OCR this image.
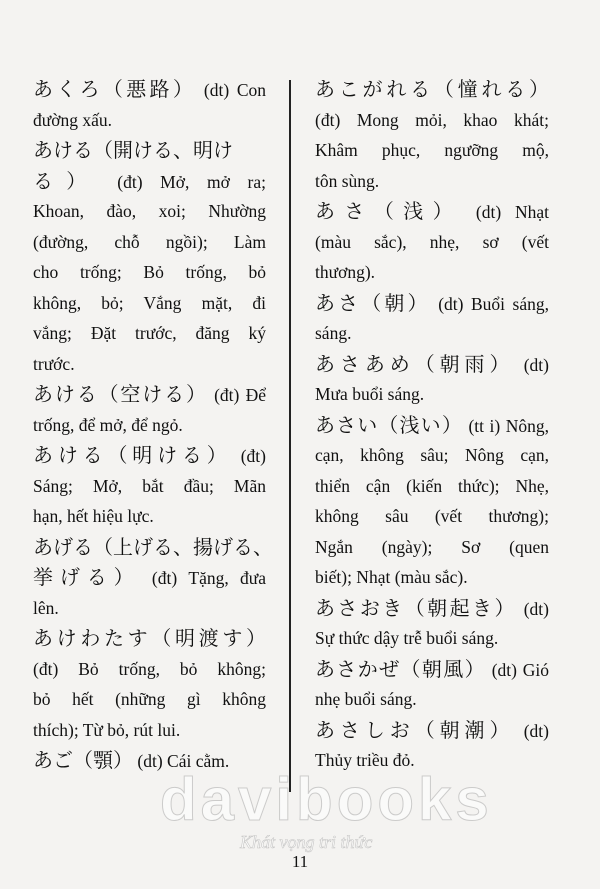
あくろ（悪路） (dt) Con
đường xấu.
あける（開ける、明け
る） (đt) Mở, mở ra;
Khoan, đào, xoi; Nhường
(đường, chỗ ngồi); Làm
cho trống; Bỏ trống, bỏ
không, bỏ; Vắng mặt, đi
vắng; Đặt trước, đăng ký
trước.
あける（空ける） (đt) Để
trống, để mở, để ngỏ.
あける（明ける） (đt)
Sáng; Mở, bắt đầu; Mãn
hạn, hết hiệu lực.
あげる（上げる、揚げる、
挙げる） (đt) Tặng, đưa
lên.
あけわたす（明渡す）
(đt) Bỏ trống, bỏ không;
bỏ hết (những gì không
thích); Từ bỏ, rút lui.
あご（顎） (dt) Cái cằm.
あこがれる（憧れる）
(đt) Mong mỏi, khao khát;
Khâm phục, ngưỡng mộ,
tôn sùng.
あさ（浅） (dt) Nhạt
(màu sắc), nhẹ, sơ (vết
thương).
あさ（朝） (dt) Buổi sáng,
sáng.
あさあめ（朝雨） (dt)
Mưa buổi sáng.
あさい（浅い） (tt i) Nông,
cạn, không sâu; Nông cạn,
thiển cận (kiến thức); Nhẹ,
không sâu (vết thương);
Ngắn (ngày); Sơ (quen
biết); Nhạt (màu sắc).
あさおき（朝起き） (dt)
Sự thức dậy trễ buổi sáng.
あさかぜ（朝風） (dt) Gió
nhẹ buổi sáng.
あさしお（朝潮） (dt)
Thủy triều đỏ.
davibooks
Khát vọng tri thức
11
